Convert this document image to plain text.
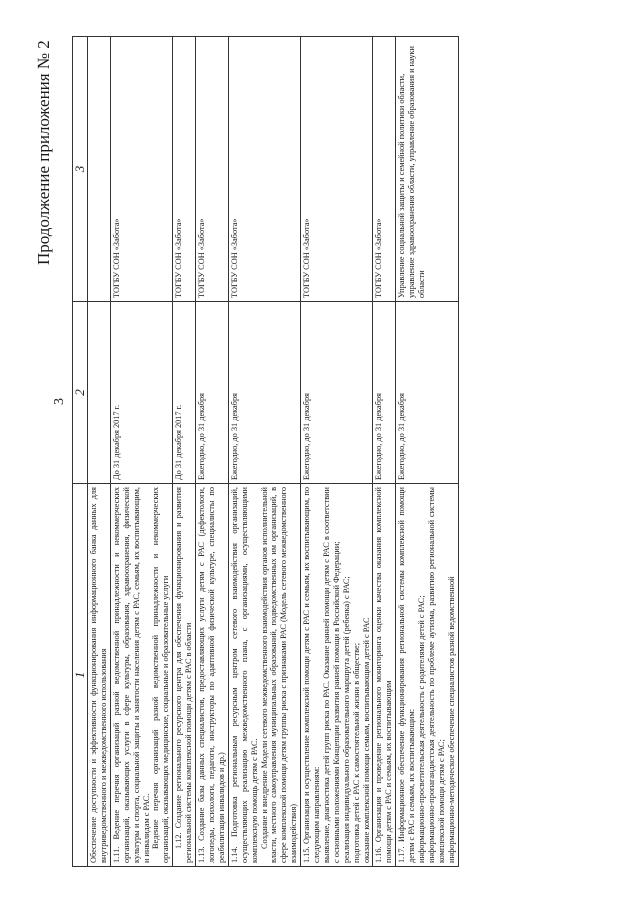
3
Продолжение приложения № 2
1	2	3

Обеспечение доступности и эффективности функционирования информационного банка данных для внутриведомственного и межведомственного использования		

1.11. Ведение перечня организаций разной ведомственной принадлежности и некоммерческих организаций, оказывающих услуги в сфере культуры, образования, здравоохранения, физической культуры и спорта, социальной защиты и занятости населения детям с РАС, семьям, их воспитывающим, и инвалидам с РАС. Ведение перечня организаций разной ведомственной принадлежности и некоммерческих организаций, оказывающих медицинские, социальные и образовательные услуги	До 31 декабря 2017 г.	ТОГБУ СОН «Забота»

1.12. Создание регионального ресурсного центра для обеспечения функционирования и развития региональной системы комплексной помощи детям с РАС в области	До 31 декабря 2017 г.	ТОГБУ СОН «Забота»

1.13. Создание базы данных специалистов, предоставляющих услуги детям с РАС (дефектологи, логопеды, психологи, педагоги, инструкторы по адаптивной физической культуре, специалисты по реабилитации инвалидов и др.)	Ежегодно, до 31 декабря	ТОГБУ СОН «Забота»

1.14. Подготовка региональным ресурсным центром сетевого взаимодействия организаций, осуществляющих реализацию межведомственного плана, с организациями, осуществляющими комплексную помощь детям с РАС. Создание и внедрение Модели сетевого межведомственного взаимодействия органов исполнительной власти, местного самоуправления муниципальных образований, подведомственных им организаций, в сфере комплексной помощи детям группы риска с признаками РАС (Модель сетевого межведомственного взаимодействия)	Ежегодно, до 31 декабря	ТОГБУ СОН «Забота»

1.15. Организация и осуществление комплексной помощи детям с РАС и семьям, их воспитывающим, по следующим направлениям: выявление, диагностика детей групп риска по РАС. Оказание ранней помощи детям с РАС в соответствии с основными положениями Концепции развития ранней помощи в Российской Федерации; реализация индивидуального образовательного маршрута детей (ребенка) с РАС; подготовка детей с РАС к самостоятельной жизни в обществе; оказание комплексной помощи семьям, воспитывающим детей с РАС	Ежегодно, до 31 декабря	ТОГБУ СОН «Забота»

1.16. Организация и проведение регионального мониторинга оценки качества оказания комплексной помощи детям с РАС и семьям, их воспитывающим	Ежегодно, до 31 декабря	ТОГБУ СОН «Забота»

1.17. Информационное обеспечение функционирования региональной системы комплексной помощи детям с РАС и семьям, их воспитывающим: информационно-просветительская деятельность с родителями детей с РАС; информационно-пропагандистская деятельность по проблеме аутизма, развитию региональной системы комплексной помощи детям с РАС; информационно-методическое обеспечение специалистов разной ведомственной	Ежегодно, до 31 декабря	Управление социальной защиты и семейной политики области, управление здравоохранения области, управление образования и науки области
